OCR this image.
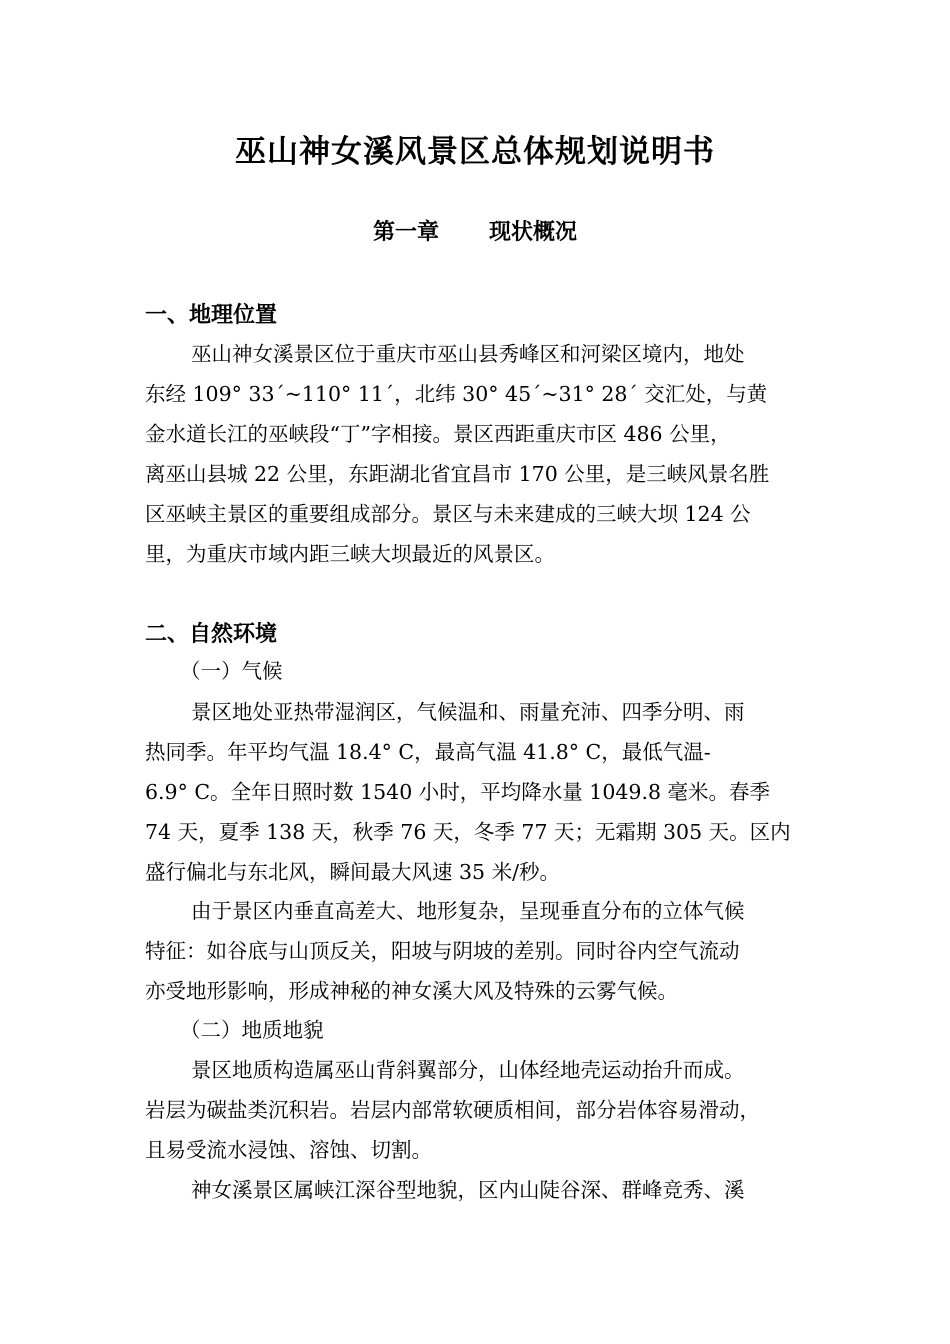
巫山神女溪风景区总体规划说明书
第一章 现状概况
一、地理位置
巫山神女溪景区位于重庆市巫山县秀峰区和河梁区境内，地处
东经 109° 33´~110° 11´，北纬 30° 45´~31° 28´ 交汇处，与黄
金水道长江的巫峡段“丁”字相接。景区西距重庆市区 486 公里，
离巫山县城 22 公里，东距湖北省宜昌市 170 公里，是三峡风景名胜
区巫峡主景区的重要组成部分。景区与未来建成的三峡大坝 124 公
里，为重庆市域内距三峡大坝最近的风景区。
二、自然环境
（一）气候
景区地处亚热带湿润区，气候温和、雨量充沛、四季分明、雨
热同季。年平均气温 18.4° C，最高气温 41.8° C，最低气温-
6.9° C。全年日照时数 1540 小时，平均降水量 1049.8 毫米。春季
74 天，夏季 138 天，秋季 76 天，冬季 77 天；无霜期 305 天。区内
盛行偏北与东北风，瞬间最大风速 35 米/秒。
由于景区内垂直高差大、地形复杂，呈现垂直分布的立体气候
特征：如谷底与山顶反关，阳坡与阴坡的差别。同时谷内空气流动
亦受地形影响，形成神秘的神女溪大风及特殊的云雾气候。
（二）地质地貌
景区地质构造属巫山背斜翼部分，山体经地壳运动抬升而成。
岩层为碳盐类沉积岩。岩层内部常软硬质相间，部分岩体容易滑动，
且易受流水浸蚀、溶蚀、切割。
神女溪景区属峡江深谷型地貌，区内山陡谷深、群峰竞秀、溪
